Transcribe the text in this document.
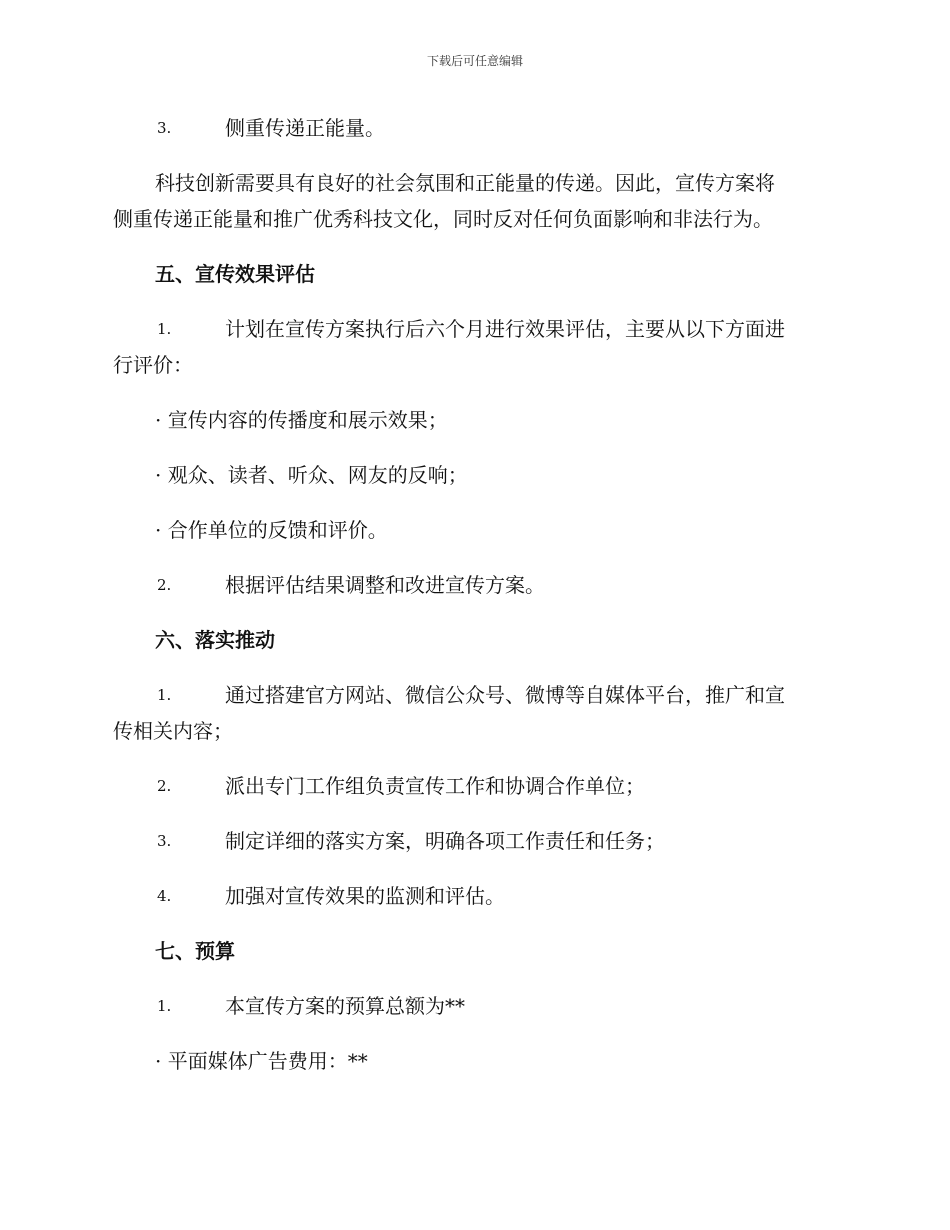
下载后可任意编辑
3.	侧重传递正能量。
科技创新需要具有良好的社会氛围和正能量的传递。因此，宣传方案将
侧重传递正能量和推广优秀科技文化，同时反对任何负面影响和非法行为。
五、宣传效果评估
1.	计划在宣传方案执行后六个月进行效果评估，主要从以下方面进
行评价：
· 宣传内容的传播度和展示效果；
· 观众、读者、听众、网友的反响；
· 合作单位的反馈和评价。
2.	根据评估结果调整和改进宣传方案。
六、落实推动
1.	通过搭建官方网站、微信公众号、微博等自媒体平台，推广和宣
传相关内容；
2.	派出专门工作组负责宣传工作和协调合作单位；
3.	制定详细的落实方案，明确各项工作责任和任务；
4.	加强对宣传效果的监测和评估。
七、预算
1.	本宣传方案的预算总额为**
· 平面媒体广告费用：**
